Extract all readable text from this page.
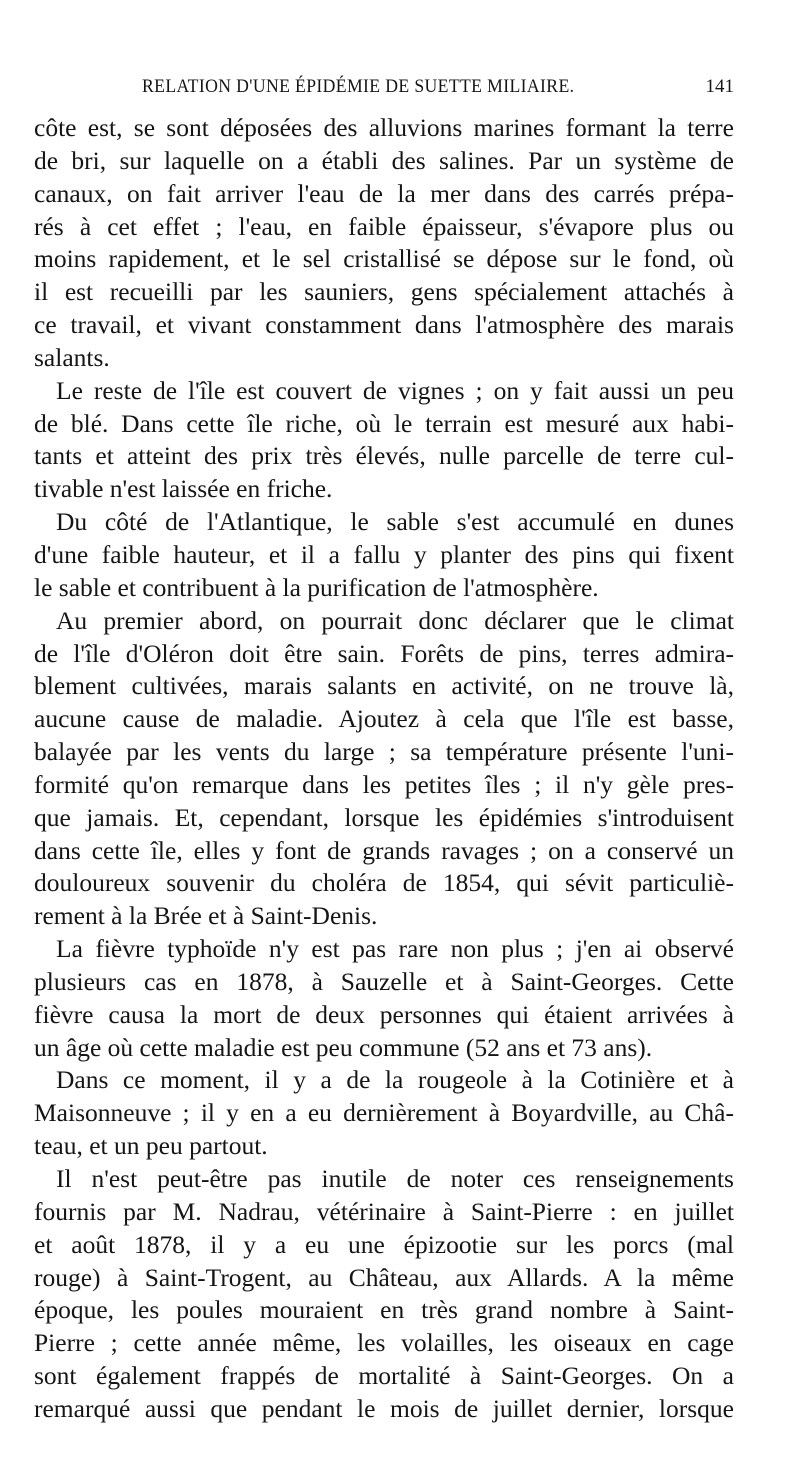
RELATION D'UNE ÉPIDÉMIE DE SUETTE MILIAIRE.	141
côte est, se sont déposées des alluvions marines formant la terre
de bri, sur laquelle on a établi des salines. Par un système de
canaux, on fait arriver l'eau de la mer dans des carrés prépa-
rés à cet effet ; l'eau, en faible épaisseur, s'évapore plus ou
moins rapidement, et le sel cristallisé se dépose sur le fond, où
il est recueilli par les sauniers, gens spécialement attachés à
ce travail, et vivant constamment dans l'atmosphère des marais
salants.
Le reste de l'île est couvert de vignes ; on y fait aussi un peu
de blé. Dans cette île riche, où le terrain est mesuré aux habi-
tants et atteint des prix très élevés, nulle parcelle de terre cul-
tivable n'est laissée en friche.
Du côté de l'Atlantique, le sable s'est accumulé en dunes
d'une faible hauteur, et il a fallu y planter des pins qui fixent
le sable et contribuent à la purification de l'atmosphère.
Au premier abord, on pourrait donc déclarer que le climat
de l'île d'Oléron doit être sain. Forêts de pins, terres admira-
blement cultivées, marais salants en activité, on ne trouve là,
aucune cause de maladie. Ajoutez à cela que l'île est basse,
balayée par les vents du large ; sa température présente l'uni-
formité qu'on remarque dans les petites îles ; il n'y gèle pres-
que jamais. Et, cependant, lorsque les épidémies s'introduisent
dans cette île, elles y font de grands ravages ; on a conservé un
douloureux souvenir du choléra de 1854, qui sévit particuliè-
rement à la Brée et à Saint-Denis.
La fièvre typhoïde n'y est pas rare non plus ; j'en ai observé
plusieurs cas en 1878, à Sauzelle et à Saint-Georges. Cette
fièvre causa la mort de deux personnes qui étaient arrivées à
un âge où cette maladie est peu commune (52 ans et 73 ans).
Dans ce moment, il y a de la rougeole à la Cotinière et à
Maisonneuve ; il y en a eu dernièrement à Boyardville, au Châ-
teau, et un peu partout.
Il n'est peut-être pas inutile de noter ces renseignements
fournis par M. Nadrau, vétérinaire à Saint-Pierre : en juillet
et août 1878, il y a eu une épizootie sur les porcs (mal
rouge) à Saint-Trogent, au Château, aux Allards. A la même
époque, les poules mouraient en très grand nombre à Saint-
Pierre ; cette année même, les volailles, les oiseaux en cage
sont également frappés de mortalité à Saint-Georges. On a
remarqué aussi que pendant le mois de juillet dernier, lorsque
